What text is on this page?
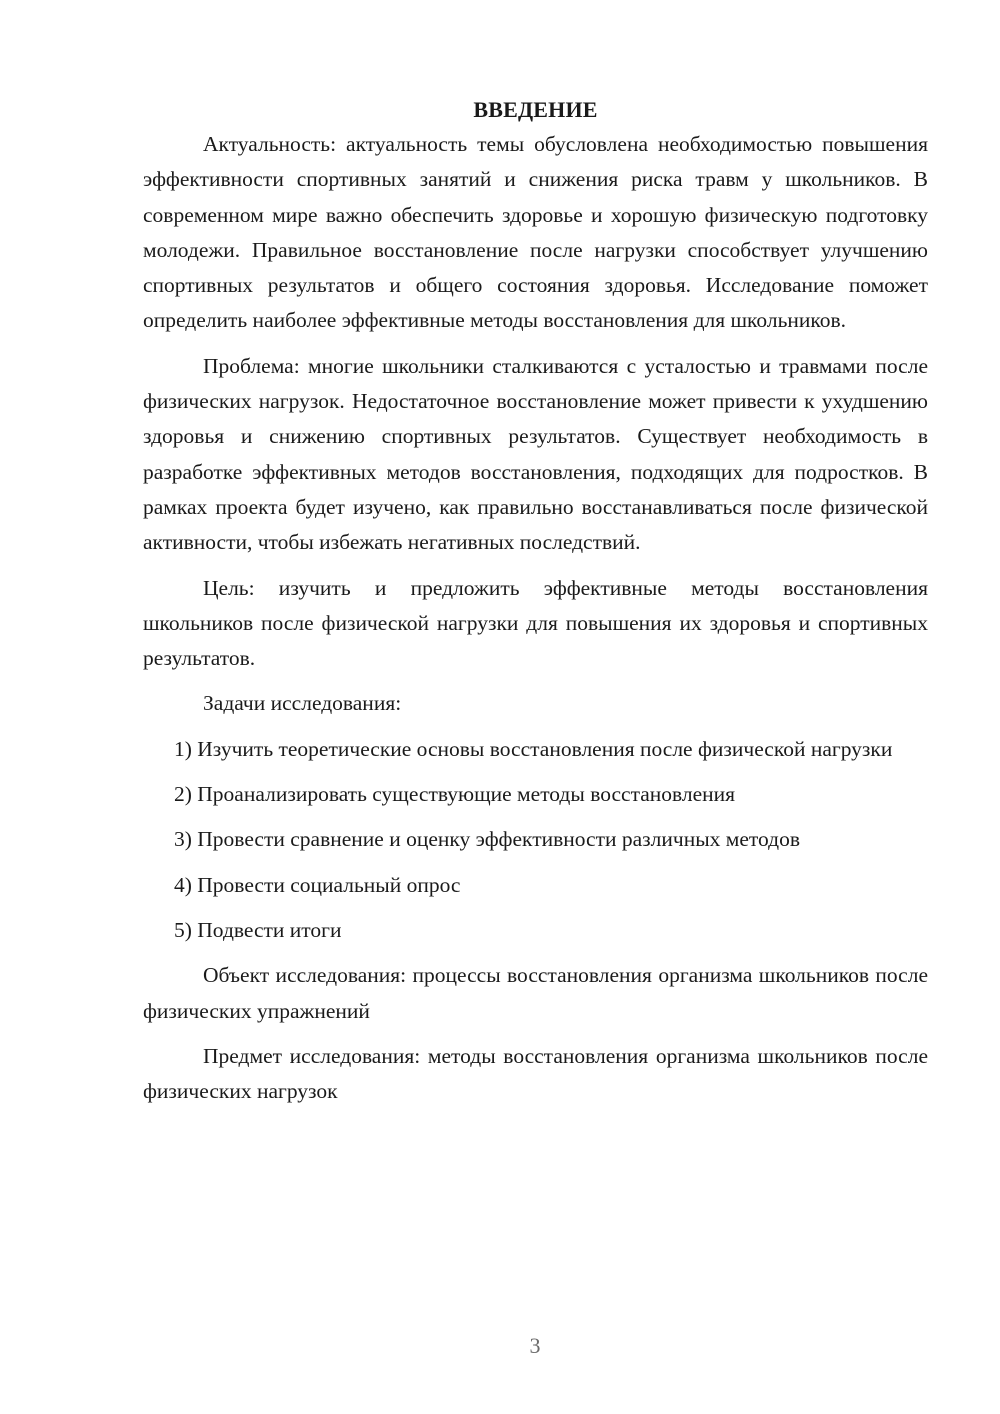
ВВЕДЕНИЕ

Актуальность: актуальность темы обусловлена необходимостью повышения эффективности спортивных занятий и снижения риска травм у школьников. В современном мире важно обеспечить здоровье и хорошую физическую подготовку молодежи. Правильное восстановление после нагрузки способствует улучшению спортивных результатов и общего состояния здоровья. Исследование поможет определить наиболее эффективные методы восстановления для школьников.

Проблема: многие школьники сталкиваются с усталостью и травмами после физических нагрузок. Недостаточное восстановление может привести к ухудшению здоровья и снижению спортивных результатов. Существует необходимость в разработке эффективных методов восстановления, подходящих для подростков. В рамках проекта будет изучено, как правильно восстанавливаться после физической активности, чтобы избежать негативных последствий.

Цель: изучить и предложить эффективные методы восстановления школьников после физической нагрузки для повышения их здоровья и спортивных результатов.

Задачи исследования:

1) Изучить теоретические основы восстановления после физической нагрузки

2) Проанализировать существующие методы восстановления

3) Провести сравнение и оценку эффективности различных методов

4) Провести социальный опрос

5) Подвести итоги

Объект исследования: процессы восстановления организма школьников после физических упражнений

Предмет исследования: методы восстановления организма школьников после физических нагрузок

3
